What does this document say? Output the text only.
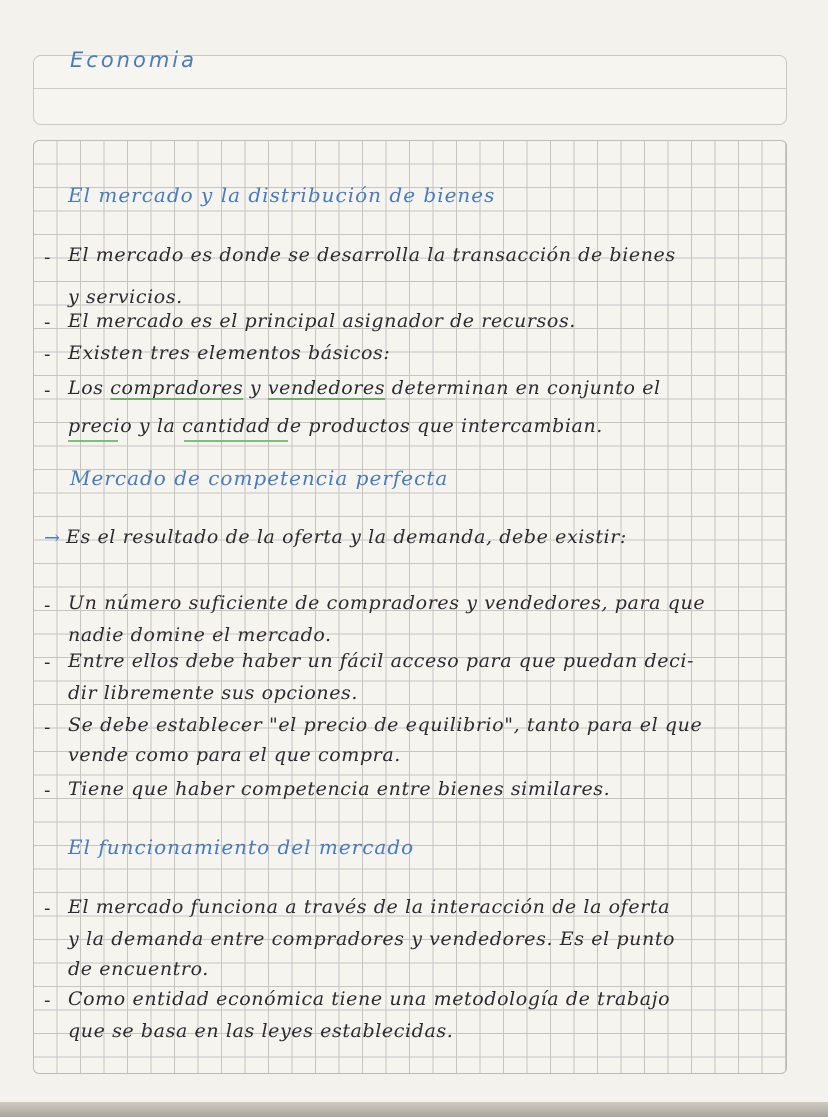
Economia
El mercado y la distribución de bienes
- El mercado es donde se desarrolla la transacción de bienes
y servicios.
- El mercado es el principal asignador de recursos.
- Existen tres elementos básicos:
- Los compradores y vendedores determinan en conjunto el
precio y la cantidad de productos que intercambian.
Mercado de competencia perfecta
→ Es el resultado de la oferta y la demanda, debe existir:
- Un número suficiente de compradores y vendedores, para que
nadie domine el mercado.
- Entre ellos debe haber un fácil acceso para que puedan deci-
dir libremente sus opciones.
- Se debe establecer "el precio de equilibrio", tanto para el que
vende como para el que compra.
- Tiene que haber competencia entre bienes similares.
El funcionamiento del mercado
- El mercado funciona a través de la interacción de la oferta
y la demanda entre compradores y vendedores. Es el punto
de encuentro.
- Como entidad económica tiene una metodología de trabajo
que se basa en las leyes establecidas.
